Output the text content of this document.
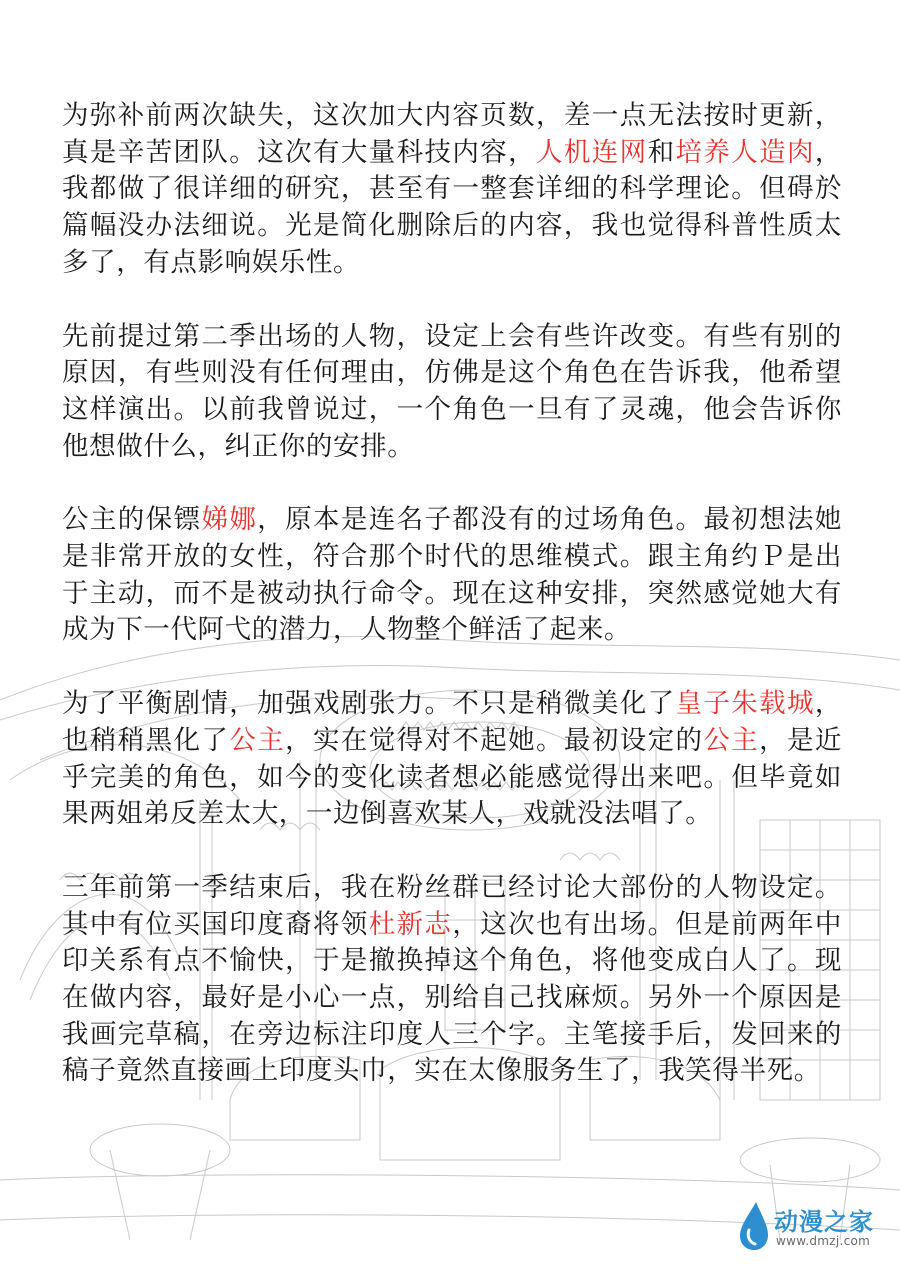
为弥补前两次缺失，这次加大内容页数，差一点无法按时更新，真是辛苦团队。这次有大量科技内容，人机连网和培养人造肉，我都做了很详细的研究，甚至有一整套详细的科学理论。但碍於篇幅没办法细说。光是简化删除后的内容，我也觉得科普性质太多了，有点影响娱乐性。

先前提过第二季出场的人物，设定上会有些许改变。有些有别的原因，有些则没有任何理由，仿佛是这个角色在告诉我，他希望这样演出。以前我曾说过，一个角色一旦有了灵魂，他会告诉你他想做什么，纠正你的安排。

公主的保镖娣娜，原本是连名子都没有的过场角色。最初想法她是非常开放的女性，符合那个时代的思维模式。跟主角约Ｐ是出于主动，而不是被动执行命令。现在这种安排，突然感觉她大有成为下一代阿弋的潜力，人物整个鲜活了起来。

为了平衡剧情，加强戏剧张力。不只是稍微美化了皇子朱载城，也稍稍黑化了公主，实在觉得对不起她。最初设定的公主，是近乎完美的角色，如今的变化读者想必能感觉得出来吧。但毕竟如果两姐弟反差太大，一边倒喜欢某人，戏就没法唱了。

三年前第一季结束后，我在粉丝群已经讨论大部份的人物设定。其中有位买国印度裔将领杜新志，这次也有出场。但是前两年中印关系有点不愉快，于是撤换掉这个角色，将他变成白人了。现在做内容，最好是小心一点，别给自己找麻烦。另外一个原因是我画完草稿，在旁边标注印度人三个字。主笔接手后，发回来的稿子竟然直接画上印度头巾，实在太像服务生了，我笑得半死。

动漫之家
www.dmzj.com
